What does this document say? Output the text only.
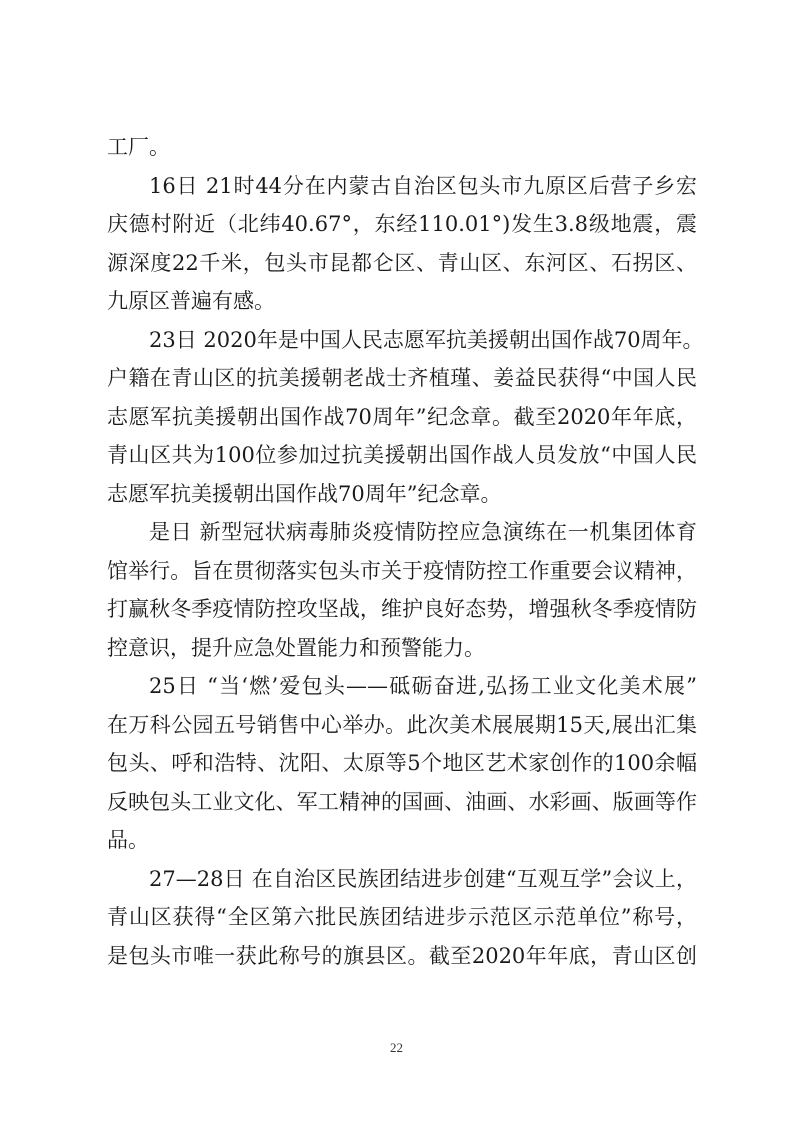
工厂。
16日 21时44分在内蒙古自治区包头市九原区后营子乡宏
庆德村附近（北纬40.67°，东经110.01°)发生3.8级地震，震
源深度22千米，包头市昆都仑区、青山区、东河区、石拐区、
九原区普遍有感。
23日 2020年是中国人民志愿军抗美援朝出国作战70周年。
户籍在青山区的抗美援朝老战士齐植瑾、姜益民获得“中国人民
志愿军抗美援朝出国作战70周年”纪念章。截至2020年年底，
青山区共为100位参加过抗美援朝出国作战人员发放“中国人民
志愿军抗美援朝出国作战70周年”纪念章。
是日 新型冠状病毒肺炎疫情防控应急演练在一机集团体育
馆举行。旨在贯彻落实包头市关于疫情防控工作重要会议精神，
打赢秋冬季疫情防控攻坚战，维护良好态势，增强秋冬季疫情防
控意识，提升应急处置能力和预警能力。
25日 “当‘燃’爱包头——砥砺奋进,弘扬工业文化美术展”
在万科公园五号销售中心举办。此次美术展展期15天,展出汇集
包头、呼和浩特、沈阳、太原等5个地区艺术家创作的100余幅
反映包头工业文化、军工精神的国画、油画、水彩画、版画等作
品。
27—28日 在自治区民族团结进步创建“互观互学”会议上，
青山区获得“全区第六批民族团结进步示范区示范单位”称号，
是包头市唯一获此称号的旗县区。截至2020年年底，青山区创
22
